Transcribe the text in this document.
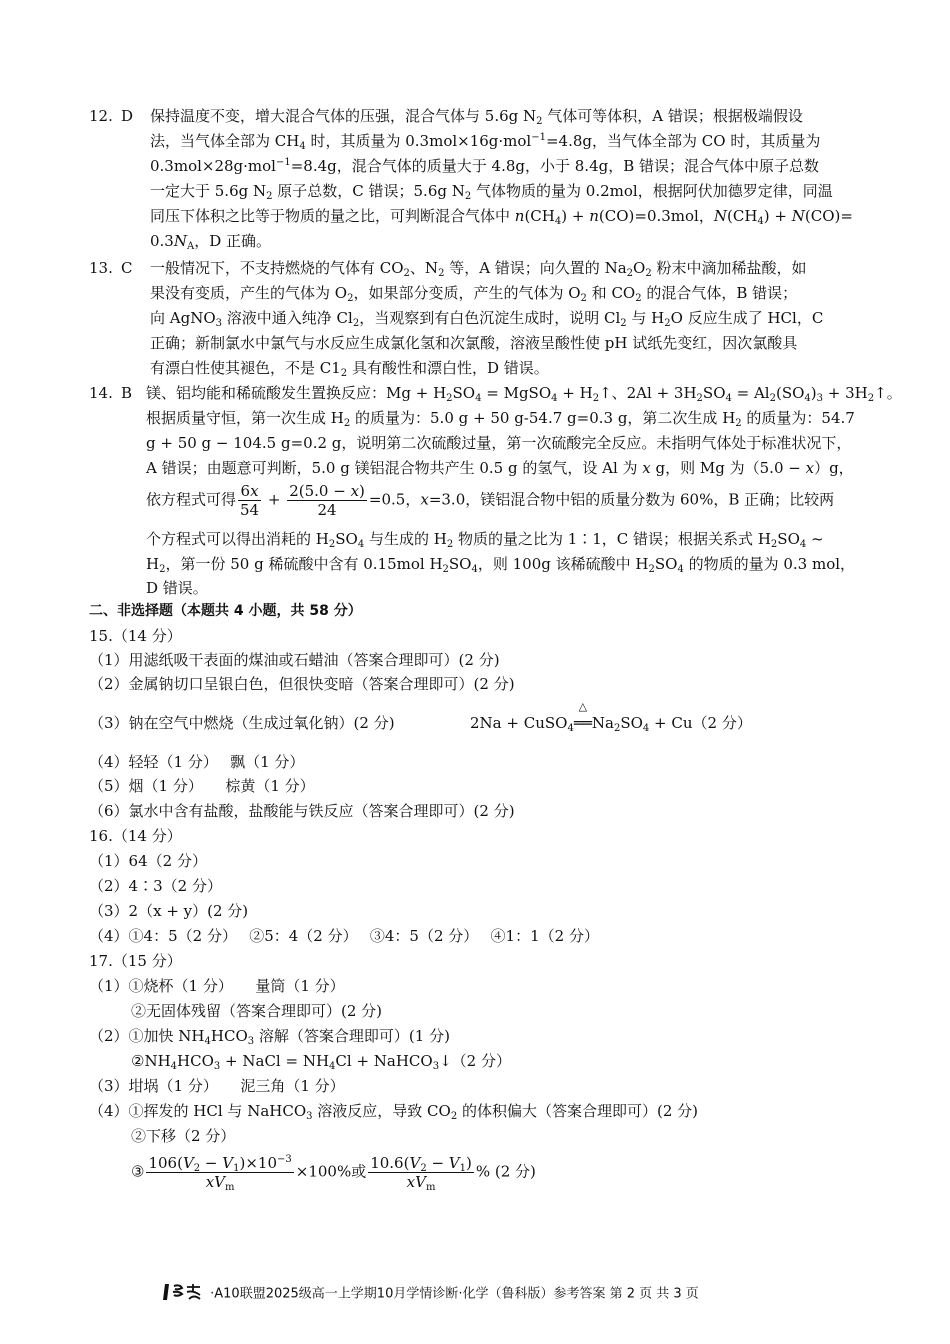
12. D 保持温度不变，增大混合气体的压强，混合气体与 5.6g $N_2$ 气体可等体积，A 错误；根据极端假设
法，当气体全部为 $CH_4$ 时，其质量为 0.3mol×16g·mol$^{-1}$=4.8g，当气体全部为 CO 时，其质量为
0.3mol×28g·mol$^{-1}$=8.4g，混合气体的质量大于 4.8g，小于 8.4g，B 错误；混合气体中原子总数
一定大于 5.6g $N_2$ 原子总数，C 错误；5.6g $N_2$ 气体物质的量为 0.2mol，根据阿伏加德罗定律，同温
同压下体积之比等于物质的量之比，可判断混合气体中 $n(CH_4) + n(CO)=0.3mol$，$N(CH_4) + N(CO)=$
$0.3N_A$，D 正确。
13. C 一般情况下，不支持燃烧的气体有 $CO_2$、$N_2$ 等，A 错误；向久置的 $Na_2O_2$ 粉末中滴加稀盐酸，如
果没有变质，产生的气体为 $O_2$，如果部分变质，产生的气体为 $O_2$ 和 $CO_2$ 的混合气体，B 错误；
向 AgNO$_3$ 溶液中通入纯净 $Cl_2$，当观察到有白色沉淀生成时，说明 $Cl_2$ 与 $H_2O$ 反应生成了 HCl，C
正确；新制氯水中氯气与水反应生成氯化氢和次氯酸，溶液呈酸性使 pH 试纸先变红，因次氯酸具
有漂白性使其褪色，不是 $C1_2$ 具有酸性和漂白性，D 错误。
14. B 镁、铝均能和稀硫酸发生置换反应：$Mg + H_2SO_4$ = MgSO$_4$ + $H_2↑$、$2Al + 3H_2SO_4 = Al_2(SO_4)_3$ + $3H_2↑$。
根据质量守恒，第一次生成 $H_2$ 的质量为：5.0 g + 50 g-54.7 g=0.3 g，第二次生成 $H_2$ 的质量为：54.7
g + 50 g − 104.5 g=0.2 g，说明第二次硫酸过量，第一次硫酸完全反应。未指明气体处于标准状况下，
A 错误；由题意可判断，5.0 g 镁铝混合物共产生 0.5 g 的氢气，设 Al 为 x g，则 Mg 为（5.0 − x）g，
依方程式可得 $\frac{6x}{54} + \frac{2(5.0 - x)}{24} =0.5$，x=3.0，镁铝混合物中铝的质量分数为 60%，B 正确；比较两
个方程式可以得出消耗的 $H_2SO_4$ 与生成的 $H_2$ 物质的量之比为 1∶1，C 错误；根据关系式 $H_2SO_4$ ~
$H_2$，第一份 50 g 稀硫酸中含有 0.15mol $H_2SO_4$，则 100g 该稀硫酸中 $H_2SO_4$ 的物质的量为 0.3 mol，
D 错误。
二、非选择题（本题共 4 小题，共 58 分）
15.（14 分）
（1）用滤纸吸干表面的煤油或石蜡油（答案合理即可）(2 分)
（2）金属钠切口呈银白色，但很快变暗（答案合理即可）(2 分)
（3）钠在空气中燃烧（生成过氧化钠）(2 分)	2Na + CuSO$_4$
△
$══Na_2SO_4 + Cu(2$ 分）
（4）轻轻（1 分）　 飘（1 分）
（5）烟（1 分）　　棕黄（1 分）
（6）氯水中含有盐酸，盐酸能与铁反应（答案合理即可）(2 分)
16.（14 分）
（1）64（2 分）
（2）4∶3（2 分）
（3）2（x + y）(2 分)
（4）①4：5（2 分）　 ②5：4（2 分）　 ③4：5（2 分）　 ④1：1（2 分）
17.（15 分）
（1）①烧杯（1 分）　　量筒（1 分）
②无固体残留（答案合理即可）(2 分)
（2）①加快 $NH_4HCO_3$ 溶解（答案合理即可）(1 分)
$②NH_4HCO_3$ + NaCl = $NH_4Cl$ + NaHCO$_3$↓（2 分）
（3）坩埚（1 分）　　泥三角（1 分）
（4）①挥发的 HCl 与 NaHCO$_3$ 溶液反应，导致 $CO_2$ 的体积偏大（答案合理即可）(2 分)
②下移（2 分）
③ $\frac{106(V_2 - V_1)\times 10^{-3}}{xV_m} \times 100\%$或 $\frac{10.6(V_2 - V_1)}{xV_m}$ % (2 分)
·A10联盟2025级高一上学期10月学情诊断·化学（鲁科版）参考答案 第 2 页 共 3 页
